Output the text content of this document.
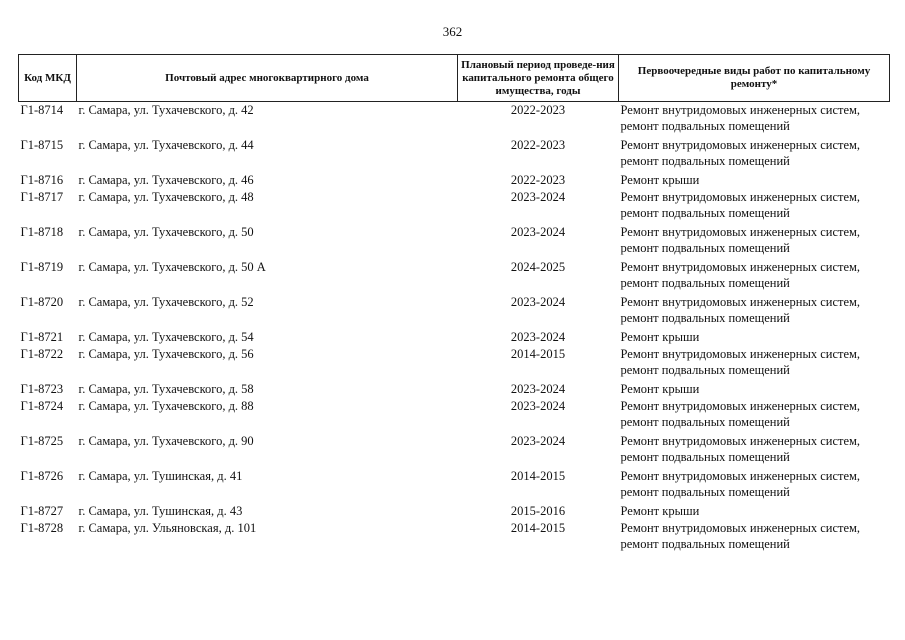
362
Код МКД	Почтовый адрес многоквартирного дома	Плановый период проведе-ния капитального ремонта общего имущества, годы	Первоочередные виды работ по капитальному ремонту*
Г1-8714	г. Самара, ул. Тухачевского, д. 42	2022-2023	Ремонт внутридомовых инженерных систем, ремонт подвальных помещений
Г1-8715	г. Самара, ул. Тухачевского, д. 44	2022-2023	Ремонт внутридомовых инженерных систем, ремонт подвальных помещений
Г1-8716	г. Самара, ул. Тухачевского, д. 46	2022-2023	Ремонт крыши
Г1-8717	г. Самара, ул. Тухачевского, д. 48	2023-2024	Ремонт внутридомовых инженерных систем, ремонт подвальных помещений
Г1-8718	г. Самара, ул. Тухачевского, д. 50	2023-2024	Ремонт внутридомовых инженерных систем, ремонт подвальных помещений
Г1-8719	г. Самара, ул. Тухачевского, д. 50 А	2024-2025	Ремонт внутридомовых инженерных систем, ремонт подвальных помещений
Г1-8720	г. Самара, ул. Тухачевского, д. 52	2023-2024	Ремонт внутридомовых инженерных систем, ремонт подвальных помещений
Г1-8721	г. Самара, ул. Тухачевского, д. 54	2023-2024	Ремонт крыши
Г1-8722	г. Самара, ул. Тухачевского, д. 56	2014-2015	Ремонт внутридомовых инженерных систем, ремонт подвальных помещений
Г1-8723	г. Самара, ул. Тухачевского, д. 58	2023-2024	Ремонт крыши
Г1-8724	г. Самара, ул. Тухачевского, д. 88	2023-2024	Ремонт внутридомовых инженерных систем, ремонт подвальных помещений
Г1-8725	г. Самара, ул. Тухачевского, д. 90	2023-2024	Ремонт внутридомовых инженерных систем, ремонт подвальных помещений
Г1-8726	г. Самара, ул. Тушинская, д. 41	2014-2015	Ремонт внутридомовых инженерных систем, ремонт подвальных помещений
Г1-8727	г. Самара, ул. Тушинская, д. 43	2015-2016	Ремонт крыши
Г1-8728	г. Самара, ул. Ульяновская, д. 101	2014-2015	Ремонт внутридомовых инженерных систем, ремонт подвальных помещений
